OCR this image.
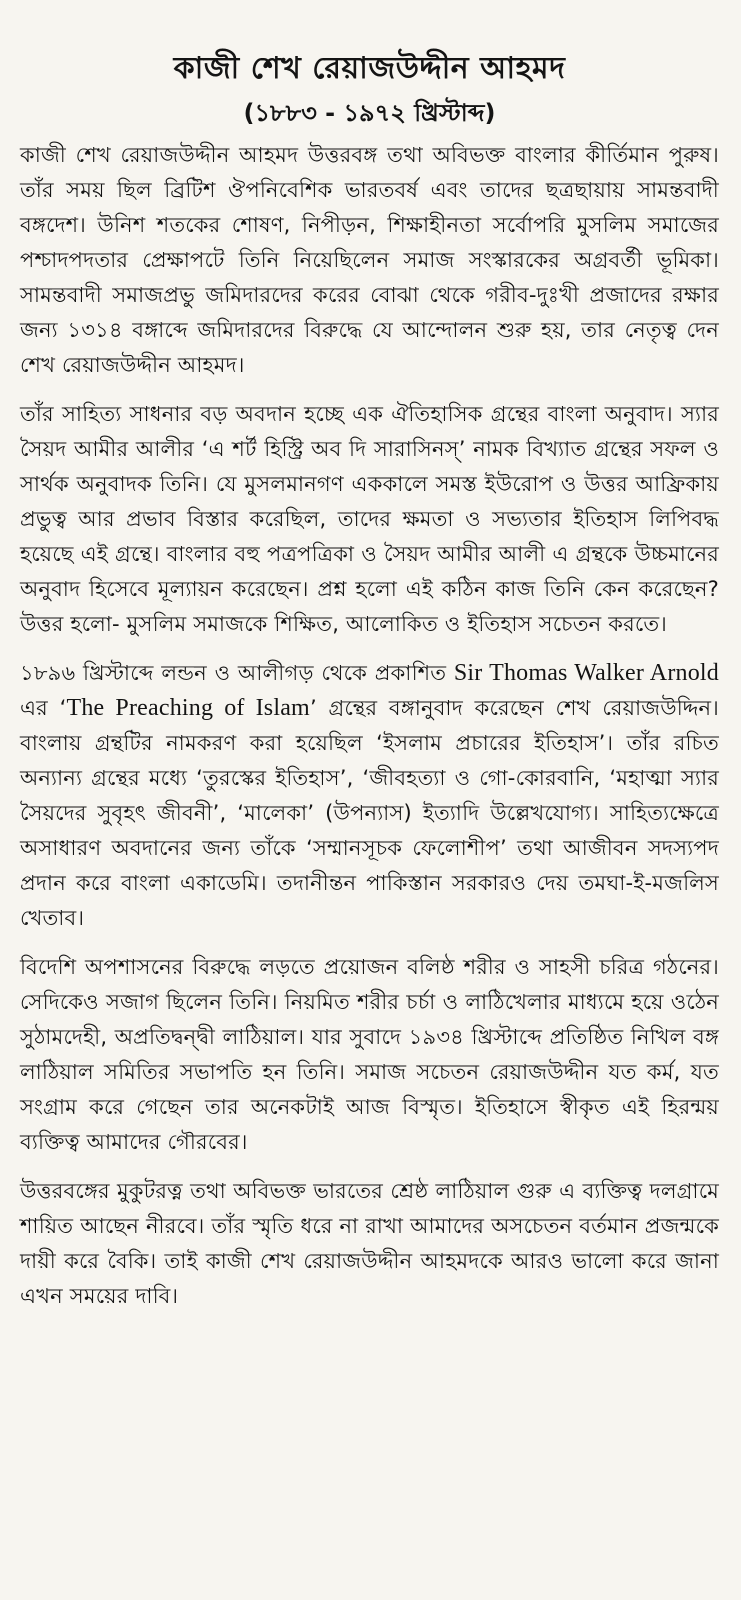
কাজী শেখ রেয়াজউদ্দীন আহমদ
(১৮৮৩ - ১৯৭২ খ্রিস্টাব্দ)

কাজী শেখ রেয়াজউদ্দীন আহমদ উত্তরবঙ্গ তথা অবিভক্ত বাংলার কীর্তিমান পুরুষ। তাঁর সময় ছিল ব্রিটিশ ঔপনিবেশিক ভারতবর্ষ এবং তাদের ছত্রছায়ায় সামন্তবাদী বঙ্গদেশ। উনিশ শতকের শোষণ, নিপীড়ন, শিক্ষাহীনতা সর্বোপরি মুসলিম সমাজের পশ্চাদপদতার প্রেক্ষাপটে তিনি নিয়েছিলেন সমাজ সংস্কারকের অগ্রবর্তী ভূমিকা। সামন্তবাদী সমাজপ্রভু জমিদারদের করের বোঝা থেকে গরীব-দুঃখী প্রজাদের রক্ষার জন্য ১৩১৪ বঙ্গাব্দে জমিদারদের বিরুদ্ধে যে আন্দোলন শুরু হয়, তার নেতৃত্ব দেন শেখ রেয়াজউদ্দীন আহমদ।

তাঁর সাহিত্য সাধনার বড় অবদান হচ্ছে এক ঐতিহাসিক গ্রন্থের বাংলা অনুবাদ। স্যার সৈয়দ আমীর আলীর ‘এ শর্ট হিস্ট্রি অব দি সারাসিনস্’ নামক বিখ্যাত গ্রন্থের সফল ও সার্থক অনুবাদক তিনি। যে মুসলমানগণ এককালে সমস্ত ইউরোপ ও উত্তর আফ্রিকায় প্রভুত্ব আর প্রভাব বিস্তার করেছিল, তাদের ক্ষমতা ও সভ্যতার ইতিহাস লিপিবদ্ধ হয়েছে এই গ্রন্থে। বাংলার বহু পত্রপত্রিকা ও সৈয়দ আমীর আলী এ গ্রন্থকে উচ্চমানের অনুবাদ হিসেবে মূল্যায়ন করেছেন। প্রশ্ন হলো এই কঠিন কাজ তিনি কেন করেছেন? উত্তর হলো- মুসলিম সমাজকে শিক্ষিত, আলোকিত ও ইতিহাস সচেতন করতে।

১৮৯৬ খ্রিস্টাব্দে লন্ডন ও আলীগড় থেকে প্রকাশিত Sir Thomas Walker Arnold এর ‘The Preaching of Islam’ গ্রন্থের বঙ্গানুবাদ করেছেন শেখ রেয়াজউদ্দিন। বাংলায় গ্রন্থটির নামকরণ করা হয়েছিল ‘ইসলাম প্রচারের ইতিহাস’। তাঁর রচিত অন্যান্য গ্রন্থের মধ্যে ‘তুরস্কের ইতিহাস’, ‘জীবহত্যা ও গো-কোরবানি, ‘মহাত্মা স্যার সৈয়দের সুবৃহৎ জীবনী’, ‘মালেকা’ (উপন্যাস) ইত্যাদি উল্লেখযোগ্য। সাহিত্যক্ষেত্রে অসাধারণ অবদানের জন্য তাঁকে ‘সম্মানসূচক ফেলোশীপ’ তথা আজীবন সদস্যপদ প্রদান করে বাংলা একাডেমি। তদানীন্তন পাকিস্তান সরকারও দেয় তমঘা-ই-মজলিস খেতাব।

বিদেশি অপশাসনের বিরুদ্ধে লড়তে প্রয়োজন বলিষ্ঠ শরীর ও সাহসী চরিত্র গঠনের। সেদিকেও সজাগ ছিলেন তিনি। নিয়মিত শরীর চর্চা ও লাঠিখেলার মাধ্যমে হয়ে ওঠেন সুঠামদেহী, অপ্রতিদ্বন্দ্বী লাঠিয়াল। যার সুবাদে ১৯৩৪ খ্রিস্টাব্দে প্রতিষ্ঠিত নিখিল বঙ্গ লাঠিয়াল সমিতির সভাপতি হন তিনি। সমাজ সচেতন রেয়াজউদ্দীন যত কর্ম, যত সংগ্রাম করে গেছেন তার অনেকটাই আজ বিস্মৃত। ইতিহাসে স্বীকৃত এই হিরন্ময় ব্যক্তিত্ব আমাদের গৌরবের।

উত্তরবঙ্গের মুকুটরত্ন তথা অবিভক্ত ভারতের শ্রেষ্ঠ লাঠিয়াল গুরু এ ব্যক্তিত্ব দলগ্রামে শায়িত আছেন নীরবে। তাঁর স্মৃতি ধরে না রাখা আমাদের অসচেতন বর্তমান প্রজন্মকে দায়ী করে বৈকি। তাই কাজী শেখ রেয়াজউদ্দীন আহমদকে আরও ভালো করে জানা এখন সময়ের দাবি।
